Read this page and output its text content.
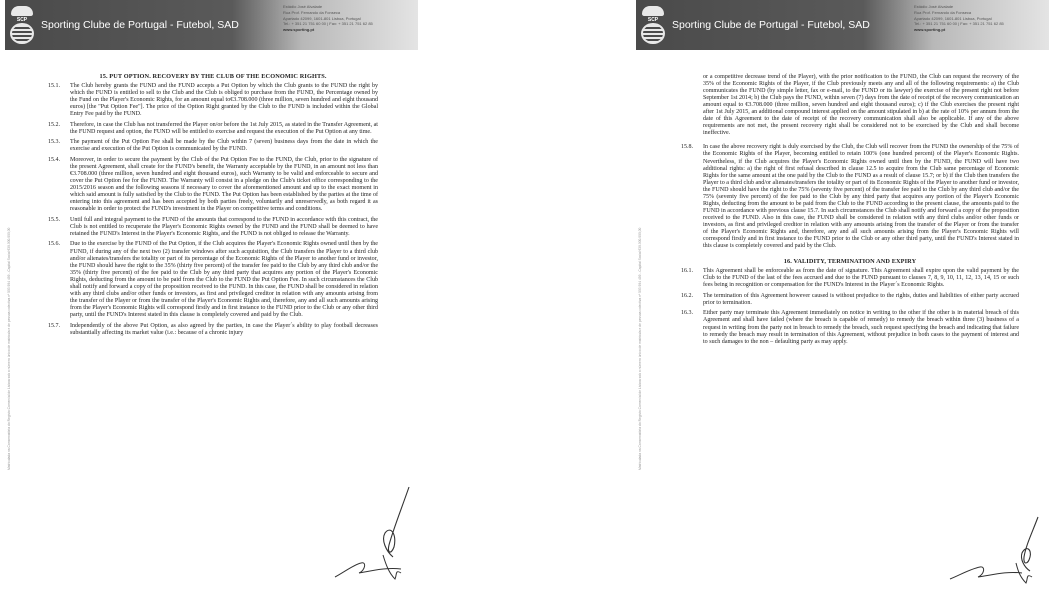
SCP Sporting Clube de Portugal - Futebol, SAD
Estádio José Alvalade
Rua Prof. Fernando da Fonseca
Apartado 42099, 1601-801 Lisboa, Portugal
Tel.: + 351 21 751 60 00 | Fax: + 351 21 751 62 85
www.sporting.pt
Matriculada na Conservatória do Registo Comercial de Lisboa sob o número único de matrícula e de pessoa colectiva nº 503 994 499 - Capital Social €39.000.000,00
15. PUT OPTION. RECOVERY BY THE CLUB OF THE ECONOMIC RIGHTS.
15.1.	The Club hereby grants the FUND and the FUND accepts a Put Option by which the Club grants to the FUND the right by which the FUND is entitled to sell to the Club and the Club is obliged to purchase from the FUND, the Percentage owned by the Fund on the Player's Economic Rights, for an amount equal to€3.708.000 (three million, seven hundred and eight thousand euros) [the "Put Option Fee"]. The price of the Option Right granted by the Club to the FUND is included within the Global Entry Fee paid by the FUND.
15.2.	Therefore, in case the Club has not transferred the Player on/or before the 1st July 2015, as stated in the Transfer Agreement, at the FUND request and option, the FUND will be entitled to exercise and request the execution of the Put Option at any time.
15.3.	The payment of the Put Option Fee shall be made by the Club within 7 (seven) business days from the date in which the exercise and execution of the Put Option is communicated by the FUND.
15.4.	Moreover, in order to secure the payment by the Club of the Put Option Fee to the FUND, the Club, prior to the signature of the present Agreement, shall create for the FUND's benefit, the Warranty acceptable by the FUND, in an amount not less than €3.708.000 (three million, seven hundred and eight thousand euros), such Warranty to be valid and enforceable to secure and cover the Put Option fee for the FUND. The Warranty will consist in a pledge on the Club's ticket office corresponding to the 2015/2016 season and the following seasons if necessary to cover the aforementioned amount and up to the exact moment in which said amount is fully satisfied by the Club to the FUND. The Put Option has been established by the parties at the time of entering into this agreement and has been accepted by both parties freely, voluntarily and unreservedly, as both regard it as reasonable in order to protect the FUND's investment in the Player on competitive terms and conditions.
15.5.	Until full and integral payment to the FUND of the amounts that correspond to the FUND in accordance with this contract, the Club is not entitled to recuperate the Player's Economic Rights owned by the FUND and the FUND shall be deemed to have retained the FUND's Interest in the Player's Economic Rights, and the FUND is not obliged to release the Warranty.
15.6.	Due to the exercise by the FUND of the Put Option, if the Club acquires the Player's Economic Rights owned until then by the FUND, if during any of the next two (2) transfer windows after such acquisition, the Club transfers the Player to a third club and/or alienates/transfers the totality or part of its percentage of the Economic Rights of the Player to another fund or investor, the FUND should have the right to the 35% (thirty five percent) of the transfer fee paid to the Club by any third club and/or the 35% (thirty five percent) of the fee paid to the Club by any third party that acquires any portion of the Player's Economic Rights, deducting from the amount to be paid from the Club to the FUND the Put Option Fee. In such circumstances the Club shall notify and forward a copy of the proposition received to the FUND. In this case, the FUND shall be considered in relation with any third clubs and/or other funds or investors, as first and privileged creditor in relation with any amounts arising from the transfer of the Player or from the transfer of the Player's Economic Rights and, therefore, any and all such amounts arising from the Player's Economic Rights will correspond firstly and in first instance to the FUND prior to the Club or any other third party, until the FUND's Interest stated in this clause is completely covered and paid by the Club.
15.7.	Independently of the above Put Option, as also agreed by the parties, in case the Player´s ability to play football decreases substantially affecting its market value (i.e.: because of a chronic injury
SCP Sporting Clube de Portugal - Futebol, SAD
Estádio José Alvalade
Rua Prof. Fernando da Fonseca
Apartado 42099, 1601-801 Lisboa, Portugal
Tel.: + 351 21 751 60 00 | Fax: + 351 21 751 62 85
www.sporting.pt
Matriculada na Conservatória do Registo Comercial de Lisboa sob o número único de matrícula e de pessoa colectiva nº 503 994 499 - Capital Social €39.000.000,00
or a competitive decrease trend of the Player), with the prior notification to the FUND, the Club can request the recovery of the 35% of the Economic Rights of the Player, if the Club previously meets any and all of the following requirements: a) the Club communicates the FUND (by simple letter, fax or e-mail, to the FUND or its lawyer) the exercise of the present right not before September 1st 2014; b) the Club pays the FUND, within seven (7) days from the date of receipt of the recovery communication an amount equal to €3.708.000 (three million, seven hundred and eight thousand euros); c) if the Club exercises the present right after 1st July 2015, an additional compound interest applied on the amount stipulated in b) at the rate of 10% per annum from the date of this Agreement to the date of receipt of the recovery communication shall also be applicable. If any of the above requirements are not met, the present recovery right shall be considered not to be exercised by the Club and shall become ineffective.
15.8.	In case the above recovery right is duly exercised by the Club, the Club will recover from the FUND the ownership of the 75% of the Economic Rights of the Player, becoming entitled to retain 100% (one hundred percent) of the Player's Economic Rights. Nevertheless, if the Club acquires the Player's Economic Rights owned until then by the FUND, the FUND will have two additional rights: a) the right of first refusal described in clause 12.5 to acquire from the Club same percentage of Economic Rights for the same amount at the one paid by the Club to the FUND as a result of clause 15.7; or b) if the Club then transfers the Player to a third club and/or alienates/transfers the totality or part of its Economic Rights of the Player to another fund or investor, the FUND should have the right to the 75% (seventy five percent) of the transfer fee paid to the Club by any third club and/or the 75% (seventy five percent) of the fee paid to the Club by any third party that acquires any portion of the Player's Economic Rights, deducting from the amount to be paid from the Club to the FUND according to the present clause, the amounts paid to the FUND in accordance with previous clause 15.7. In such circumstances the Club shall notify and forward a copy of the proposition received to the FUND. Also in this case, the FUND shall be considered in relation with any third clubs and/or other funds or investors, as first and privileged creditor in relation with any amounts arising from the transfer of the Player or from the transfer of the Player's Economic Rights and, therefore, any and all such amounts arising from the Player's Economic Rights will correspond firstly and in first instance to the FUND prior to the Club or any other third party, until the FUND's Interest stated in this clause is completely covered and paid by the Club.
16. VALIDITY, TERMINATION AND EXPIRY
16.1.	This Agreement shall be enforceable as from the date of signature. This Agreement shall expire upon the valid payment by the Club to the FUND of the last of the fees accrued and due to the FUND pursuant to clauses 7, 8, 9, 10, 11, 12, 13, 14, 15 or such fees being in recognition or compensation for the FUND's Interest in the Player´s Economic Rights.
16.2.	The termination of this Agreement however caused is without prejudice to the rights, duties and liabilities of either party accrued prior to termination.
16.3.	Either party may terminate this Agreement immediately on notice in writing to the other if the other is in material breach of this Agreement and shall have failed (where the breach is capable of remedy) to remedy the breach within three (3) business of a request in writing from the party not in breach to remedy the breach, such request specifying the breach and indicating that failure to remedy the breach may result in termination of this Agreement, without prejudice in both cases to the payment of interest and to such damages to the non – defaulting party as may apply.
